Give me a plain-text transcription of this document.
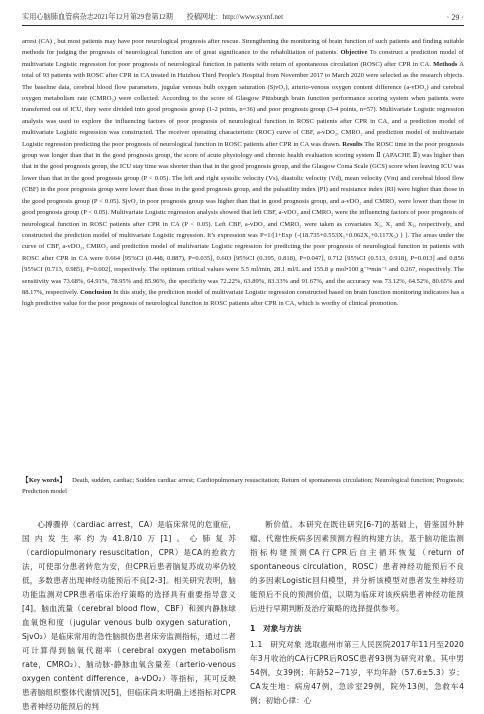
实用心脑肺血管病杂志2021年12月第29卷第12期 投稿网址：http://www.syxnf.net	· 29 ·
arrest (CA) , but most patients may have poor neurological prognosis after rescue. Strengthening the monitoring of brain function of such patients and finding suitable methods for judging the prognosis of neurological function are of great significance to the rehabilitation of patients. Objective To construct a prediction model of multivariate Logistic regression for poor prognosis of neurological function in patients with return of spontaneous circulation (ROSC) after CPR in CA. Methods A total of 93 patients with ROSC after CPR in CA treated in Huizhou Third People’s Hospital from November 2017 to March 2020 were selected as the research objects. The baseline data, cerebral blood flow parameters, jugular venous bulb oxygen saturation (SjvO₂), arterio-venous oxygen content difference (a-vDO₂) and cerebral oxygen metabolism rate (CMRO₂) were collected. According to the score of Glasgow Pittsburgh brain function performance scoring system when patients were transferred out of ICU, they were divided into good prognosis group (1-2 points, n=36) and poor prognosis group (3-4 points, n=57). Multivariate Logistic regression analysis was used to explore the influencing factors of poor prognosis of neurological function in ROSC patients after CPR in CA, and a prediction model of multivariate Logistic regression was constructed. The receiver operating characteristic (ROC) curve of CBF, a-vDO₂, CMRO₂ and prediction model of multivariate Logistic regression predicting the poor prognosis of neurological function in ROSC patients after CPR in CA was drawn. Results The ROSC time in the poor prognosis group was longer than that in the good prognosis group, the score of acute physiology and chronic health evaluation scoring system Ⅱ (APACHE Ⅱ) was higher than that in the good prognosis group, the ICU stay time was shorter than that in the good prognosis group, and the Glasgow Coma Scale (GCS) score when leaving ICU was lower than that in the good prognosis group (P < 0.05). The left and right systolic velocity (Vs), diastolic velocity (Vd), mean velocity (Vm) and cerebral blood flow (CBF) in the poor prognosis group were lower than those in the good prognosis group, and the pulsatility index (PI) and resistance index (RI) were higher than those in the good prognosis group (P < 0.05). SjvO₂ in poor prognosis group was higher than that in good prognosis group, and a-vDO₂ and CMRO₂ were lower than those in good prognosis group (P < 0.05). Multivariate Logistic regression analysis showed that left CBF, a-vDO₂ and CMRO₂ were the influencing factors of poor prognosis of neurological function in ROSC patients after CPR in CA (P < 0.05). Left CBF, a-vDO₂ and CMRO₂ were taken as covariates X₁, X₂ and X₃, respectively, and constructed the prediction model of multivariate Logistic regression. It’s expression was P=1/[1+Exp {-(18.735+0.553X₁+0.062X₂+0.117X₃) } ]. The areas under the curve of CBF, a-vDO₂, CMRO₂ and prediction model of multivariate Logistic regression for predicting the poor prognosis of neurological function in patients with ROSC after CPR in CA were 0.664 [95%CI (0.448, 0.887), P=0.035], 0.603 [95%CI (0.395, 0.818), P=0.047], 0.712 [95%CI (0.513, 0.918), P=0.013] and 0.856 [95%CI (0.713, 0.985), P=0.002], respectively. The optimum critical values were 5.5 ml/min, 28.1 ml/L and 155.8 μ mol•100 g⁻¹•min⁻¹ and 0.267, respectively. The sensitivity was 73.68%, 64.91%, 78.95% and 85.96%, the specificity was 72.22%, 63.89%, 83.33% and 91.67%, and the accuracy was 73.12%, 64.52%, 80.65% and 88.17%, respectively. Conclusion In this study, the prediction model of multivariate Logistic regression constructed based on brain function monitoring indicators has a high predictive value for the poor prognosis of neurological function in ROSC patients after CPR in CA, which is worthy of clinical promotion.
【Key words】 Death, sudden, cardiac; Sudden cardiac arrest; Cardiopulmonary resuscitation; Return of spontaneous circulation; Neurological function; Prognosis; Prediction model

心搏骤停（cardiac arrest，CA）是临床常见的危重症，国内发生率约为41.8/10万[1]。心肺复苏（cardiopulmonary resuscitation，CPR）是CA的抢救方法，可使部分患者转危为安，但CPR后患者脑复苏成功率仍较低，多数患者出现神经功能预后不良[2-3]。相关研究表明，脑功能监测对CPR患者临床治疗策略的选择具有重要指导意义[4]。脑血流量（cerebral blood flow，CBF）和颈内静脉球血氧饱和度（jugular venous bulb oxygen saturation，SjvO₂）是临床常用的急性脑损伤患者床旁监测指标，通过二者可计算得到脑氧代谢率（cerebral oxygen metabolism rate，CMRO₂）、脑动脉-静脉血氧含量差（arterio-venous oxygen content difference，a-vDO₂）等指标，其可反映患者脑组织整体代谢情况[5]，但临床尚未明确上述指标对CPR患者神经功能预后的判

断价值。本研究在既往研究[6-7]的基础上，借鉴国外肿瘤、代谢性疾病多因素预测方程的构建方法，基于脑功能监测指标构建预测CA行CPR后自主循环恢复（return of spontaneous circulation，ROSC）患者神经功能预后不良的多因素Logistic回归模型，并分析该模型对患者发生神经功能预后不良的预测价值，以期为临床对该疾病患者神经功能预后进行早期判断及治疗策略的选择提供参考。

1　对象与方法

1.1　研究对象 选取惠州市第三人民医院2017年11月至2020年3月收治的CA行CPR后ROSC患者93例为研究对象。其中男54例，女39例；年龄52~71岁，平均年龄（57.6±5.3）岁；CA发生地：病房47例，急诊室29例，院外13例，急救车4例；初始心律：心
